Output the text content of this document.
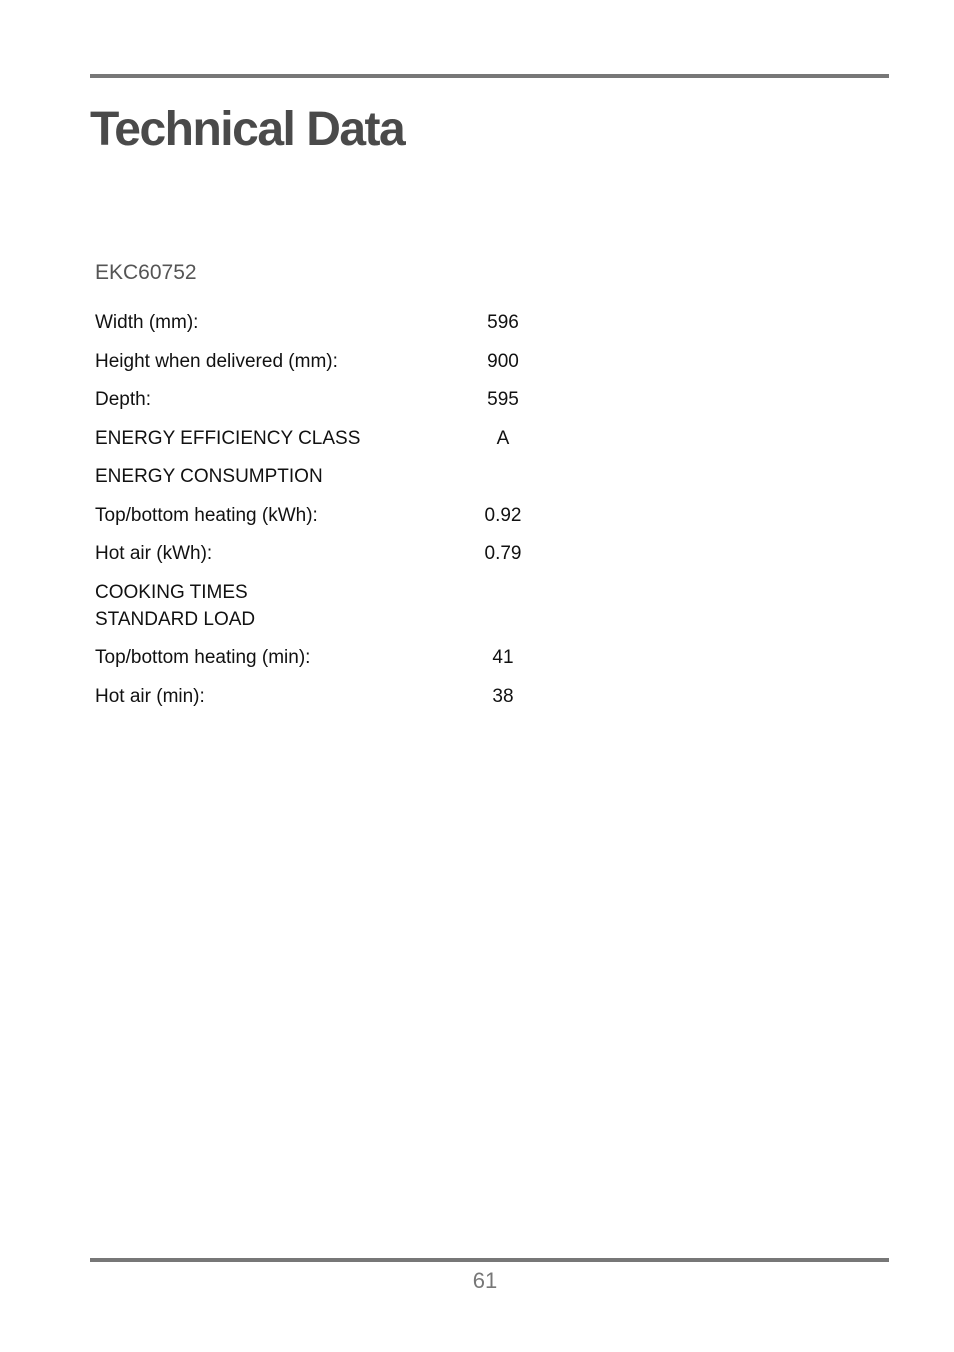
Technical Data
EKC60752
Width (mm):	596
Height when delivered (mm):	900
Depth:	595
ENERGY EFFICIENCY CLASS	A
ENERGY CONSUMPTION
Top/bottom heating (kWh):	0.92
Hot air (kWh):	0.79
COOKING TIMES
STANDARD LOAD
Top/bottom heating (min):	41
Hot air (min):	38
61
